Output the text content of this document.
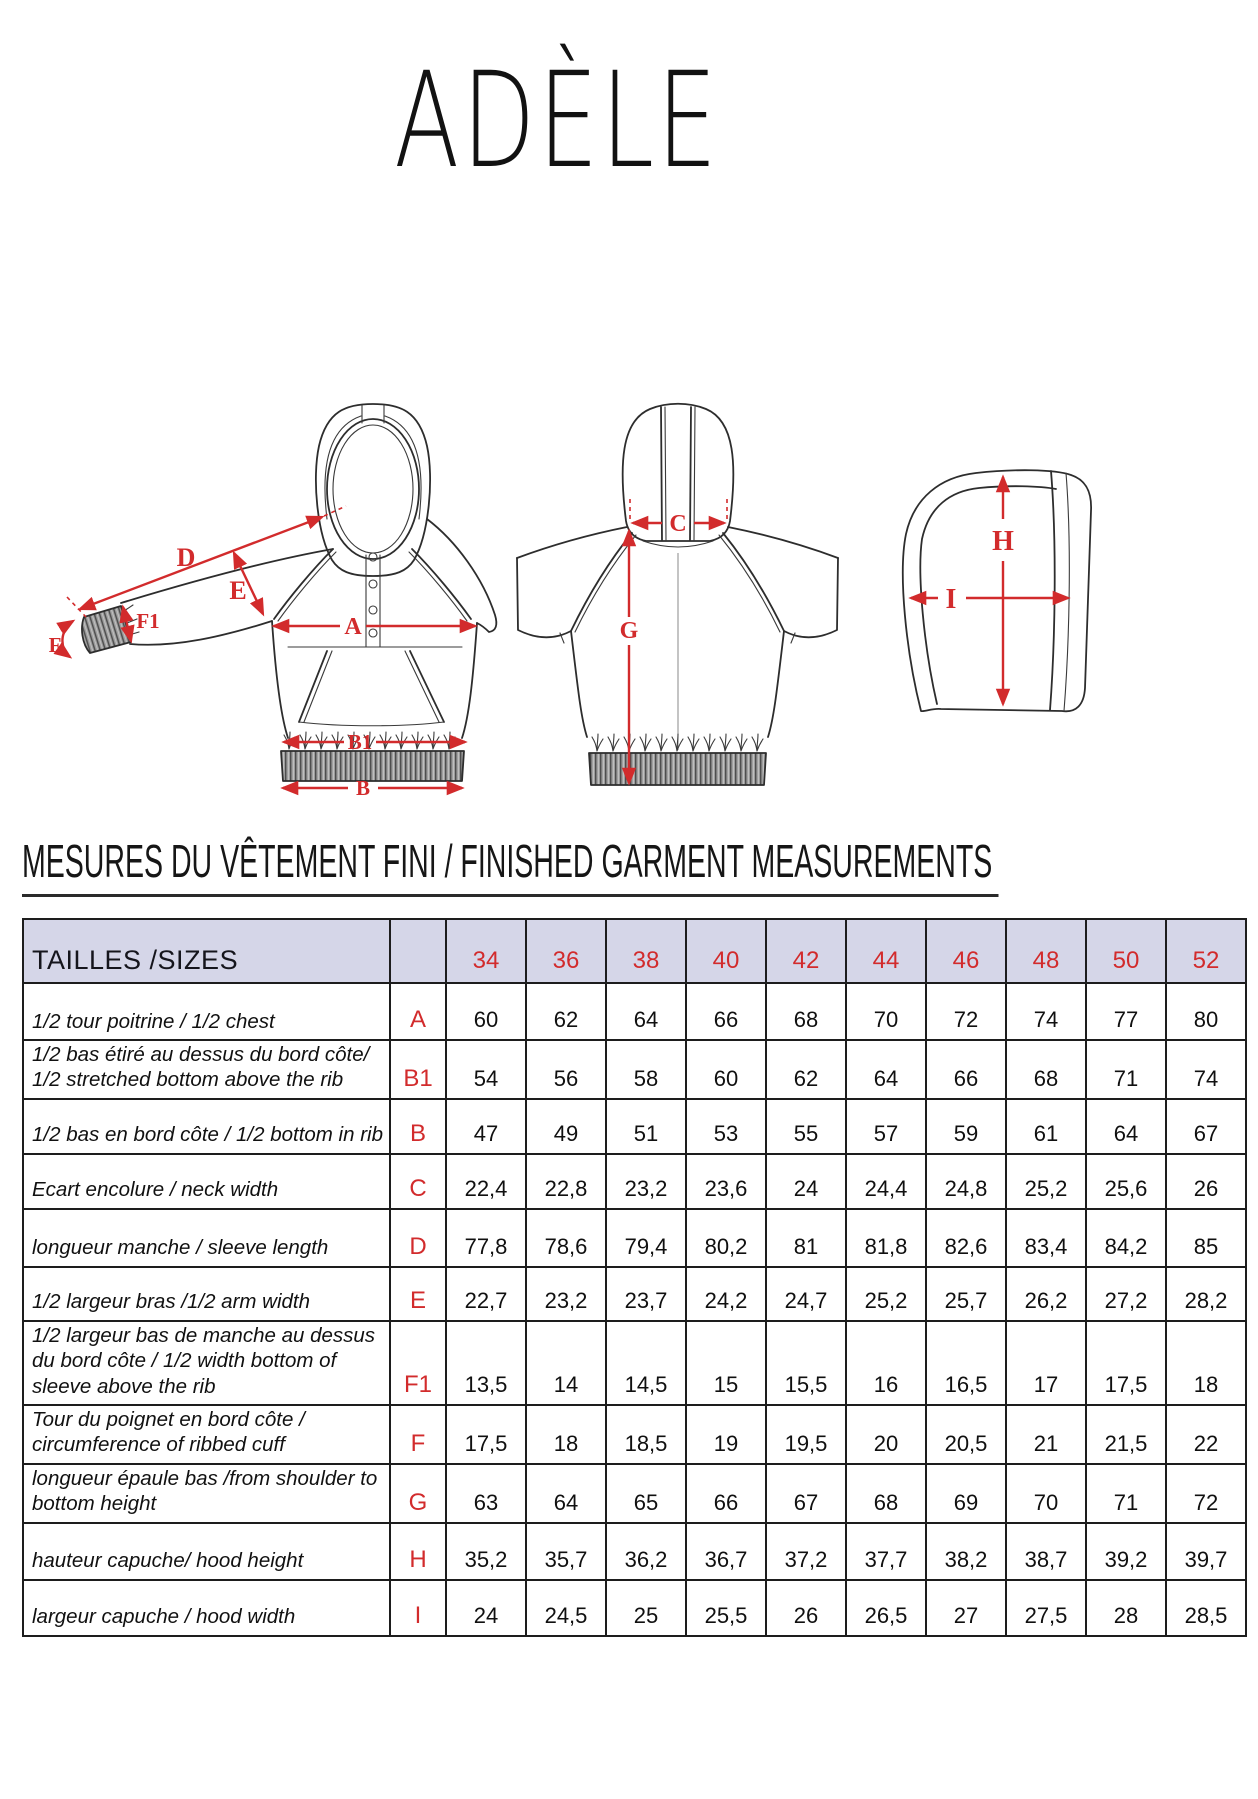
ADÈLE
A
B1
B
D
E
F1
F
C
G
H
I
MESURES DU VÊTEMENT FINI / FINISHED GARMENT MEASUREMENTS
TAILLES /SIZES		34	36	38	40	42	44	46	48	50	52
1/2 tour poitrine / 1/2 chest	A	60	62	64	66	68	70	72	74	77	80
1/2 bas étiré au dessus du bord côte/ 1/2 stretched bottom above the rib	B1	54	56	58	60	62	64	66	68	71	74
1/2 bas en bord côte / 1/2 bottom in rib	B	47	49	51	53	55	57	59	61	64	67
Ecart encolure / neck width	C	22,4	22,8	23,2	23,6	24	24,4	24,8	25,2	25,6	26
longueur manche / sleeve length	D	77,8	78,6	79,4	80,2	81	81,8	82,6	83,4	84,2	85
1/2 largeur bras /1/2 arm width	E	22,7	23,2	23,7	24,2	24,7	25,2	25,7	26,2	27,2	28,2
1/2 largeur bas de manche au dessus du bord côte / 1/2 width bottom of sleeve above the rib	F1	13,5	14	14,5	15	15,5	16	16,5	17	17,5	18
Tour du poignet en bord côte / circumference of ribbed cuff	F	17,5	18	18,5	19	19,5	20	20,5	21	21,5	22
longueur épaule bas /from shoulder to bottom height	G	63	64	65	66	67	68	69	70	71	72
hauteur capuche/ hood height	H	35,2	35,7	36,2	36,7	37,2	37,7	38,2	38,7	39,2	39,7
largeur capuche / hood width	I	24	24,5	25	25,5	26	26,5	27	27,5	28	28,5
